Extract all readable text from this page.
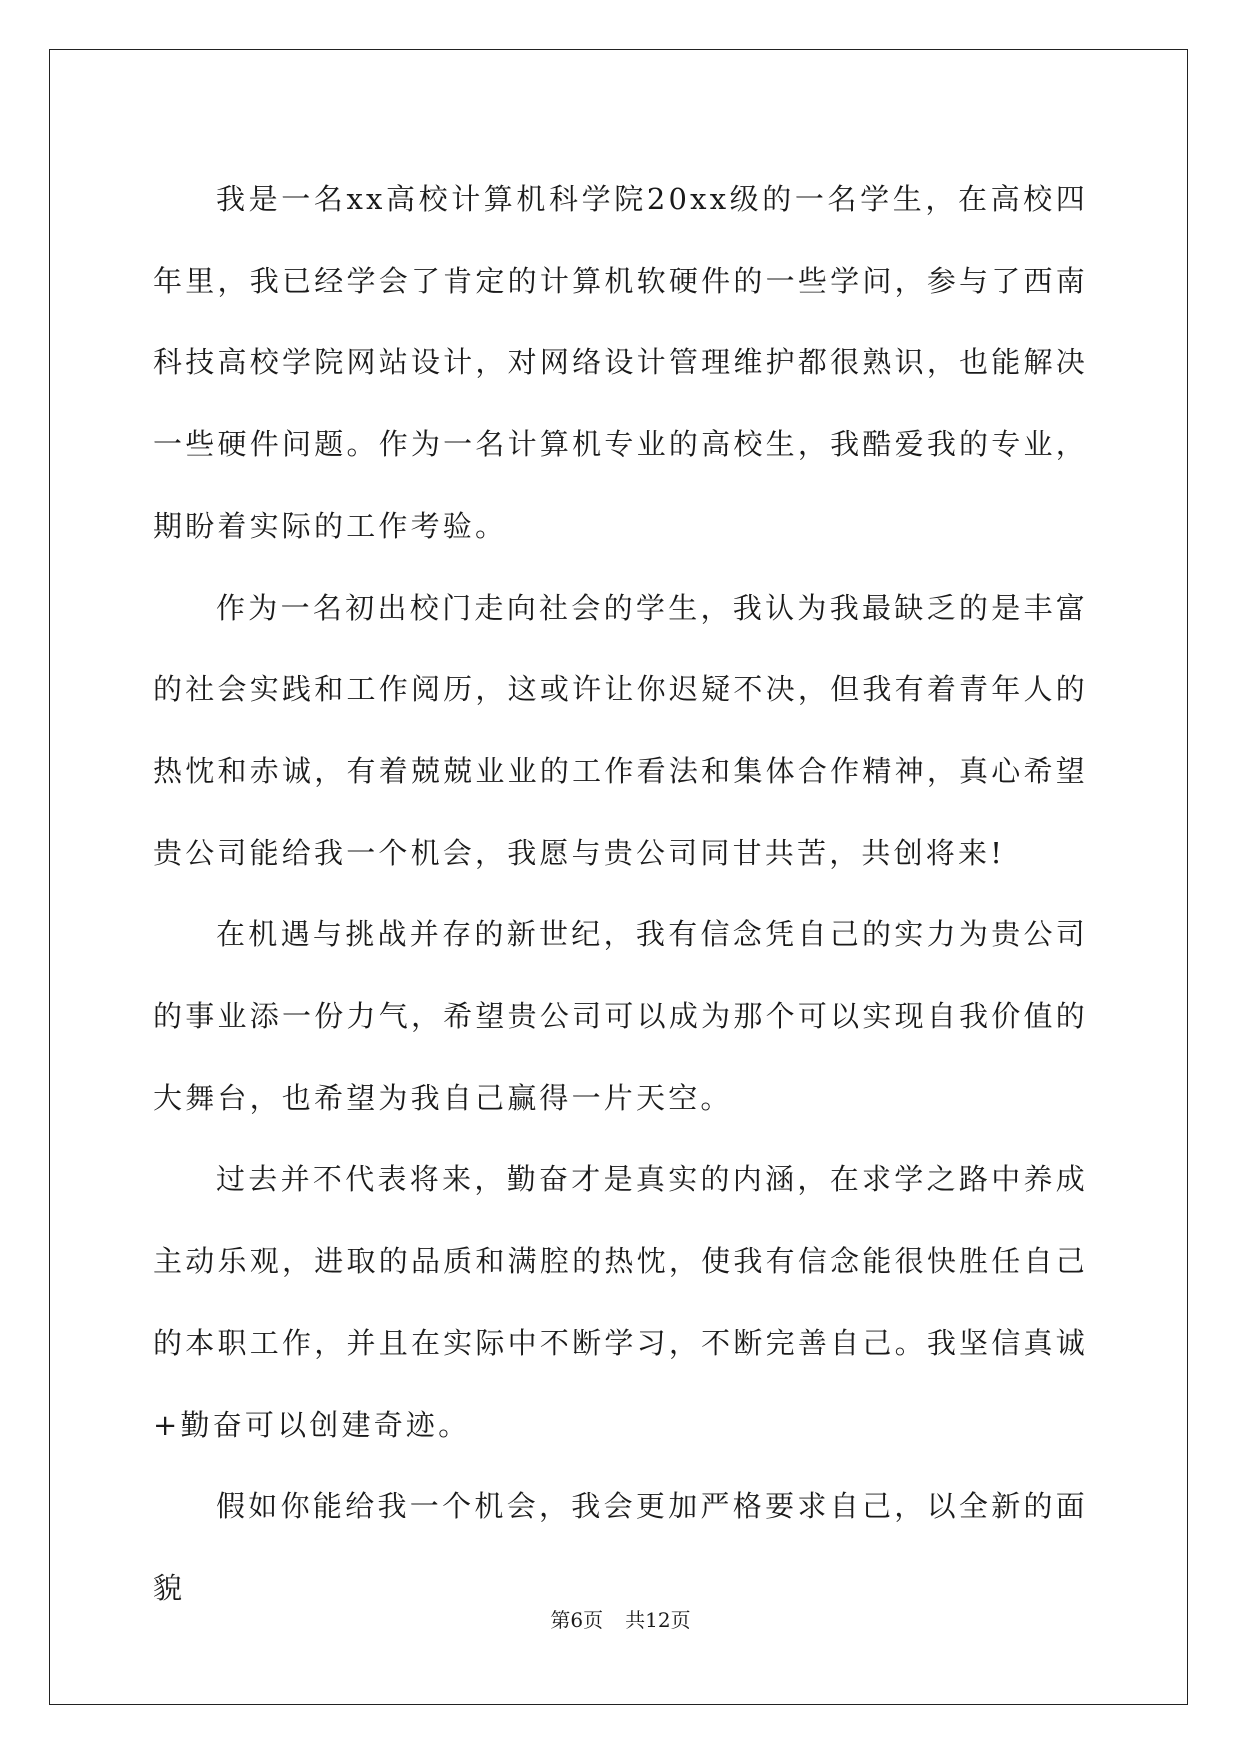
我是一名xx高校计算机科学院20xx级的一名学生，在高校四年里，我已经学会了肯定的计算机软硬件的一些学问，参与了西南科技高校学院网站设计，对网络设计管理维护都很熟识，也能解决一些硬件问题。作为一名计算机专业的高校生，我酷爱我的专业，期盼着实际的工作考验。

作为一名初出校门走向社会的学生，我认为我最缺乏的是丰富的社会实践和工作阅历，这或许让你迟疑不决，但我有着青年人的热忱和赤诚，有着兢兢业业的工作看法和集体合作精神，真心希望贵公司能给我一个机会，我愿与贵公司同甘共苦，共创将来!

在机遇与挑战并存的新世纪，我有信念凭自己的实力为贵公司的事业添一份力气，希望贵公司可以成为那个可以实现自我价值的大舞台，也希望为我自己赢得一片天空。

过去并不代表将来，勤奋才是真实的内涵，在求学之路中养成主动乐观，进取的品质和满腔的热忱，使我有信念能很快胜任自己的本职工作，并且在实际中不断学习，不断完善自己。我坚信真诚+勤奋可以创建奇迹。

假如你能给我一个机会，我会更加严格要求自己，以全新的面貌

第6页 共12页
